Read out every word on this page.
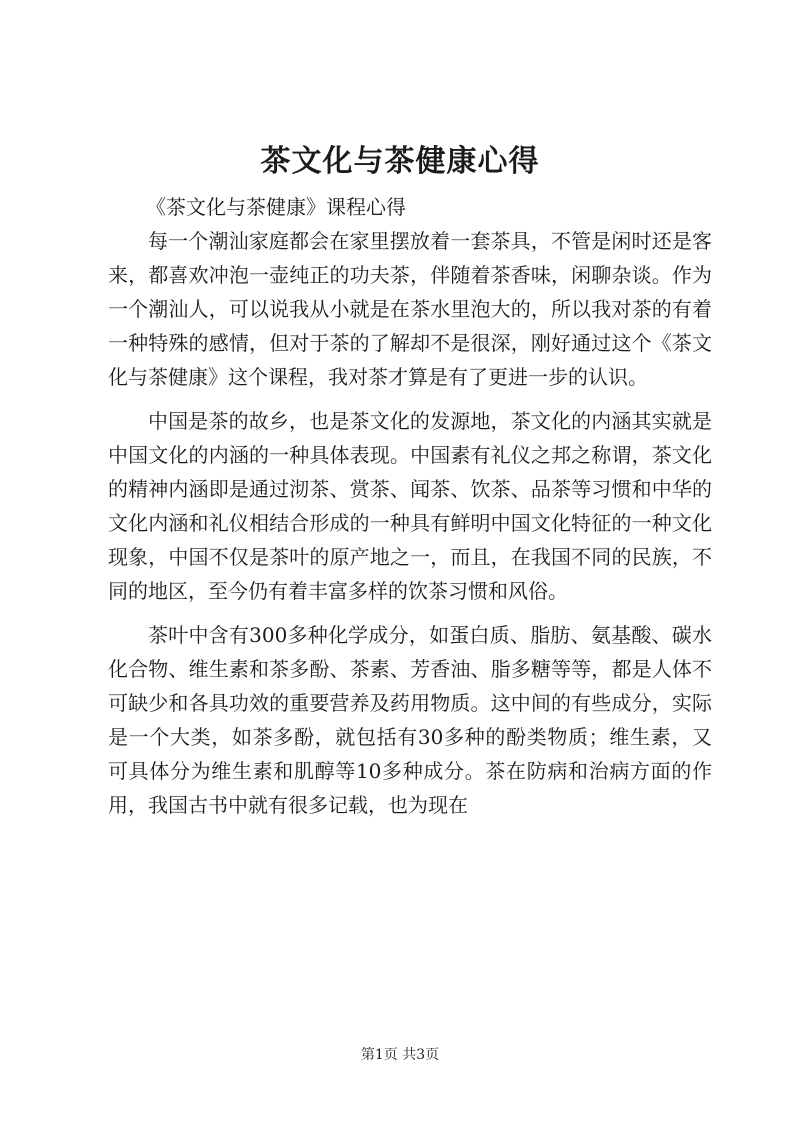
茶文化与茶健康心得
《茶文化与茶健康》课程心得

每一个潮汕家庭都会在家里摆放着一套茶具，不管是闲时还是客来，都喜欢冲泡一壶纯正的功夫茶，伴随着茶香味，闲聊杂谈。作为一个潮汕人，可以说我从小就是在茶水里泡大的，所以我对茶的有着一种特殊的感情，但对于茶的了解却不是很深，刚好通过这个《茶文化与茶健康》这个课程，我对茶才算是有了更进一步的认识。

中国是茶的故乡，也是茶文化的发源地，茶文化的内涵其实就是中国文化的内涵的一种具体表现。中国素有礼仪之邦之称谓，茶文化的精神内涵即是通过沏茶、赏茶、闻茶、饮茶、品茶等习惯和中华的文化内涵和礼仪相结合形成的一种具有鲜明中国文化特征的一种文化现象，中国不仅是茶叶的原产地之一，而且，在我国不同的民族，不同的地区，至今仍有着丰富多样的饮茶习惯和风俗。

茶叶中含有300多种化学成分，如蛋白质、脂肪、氨基酸、碳水化合物、维生素和茶多酚、茶素、芳香油、脂多糖等等，都是人体不可缺少和各具功效的重要营养及药用物质。这中间的有些成分，实际是一个大类，如茶多酚，就包括有30多种的酚类物质；维生素，又可具体分为维生素和肌醇等10多种成分。茶在防病和治病方面的作用，我国古书中就有很多记载，也为现在

第1页 共3页
